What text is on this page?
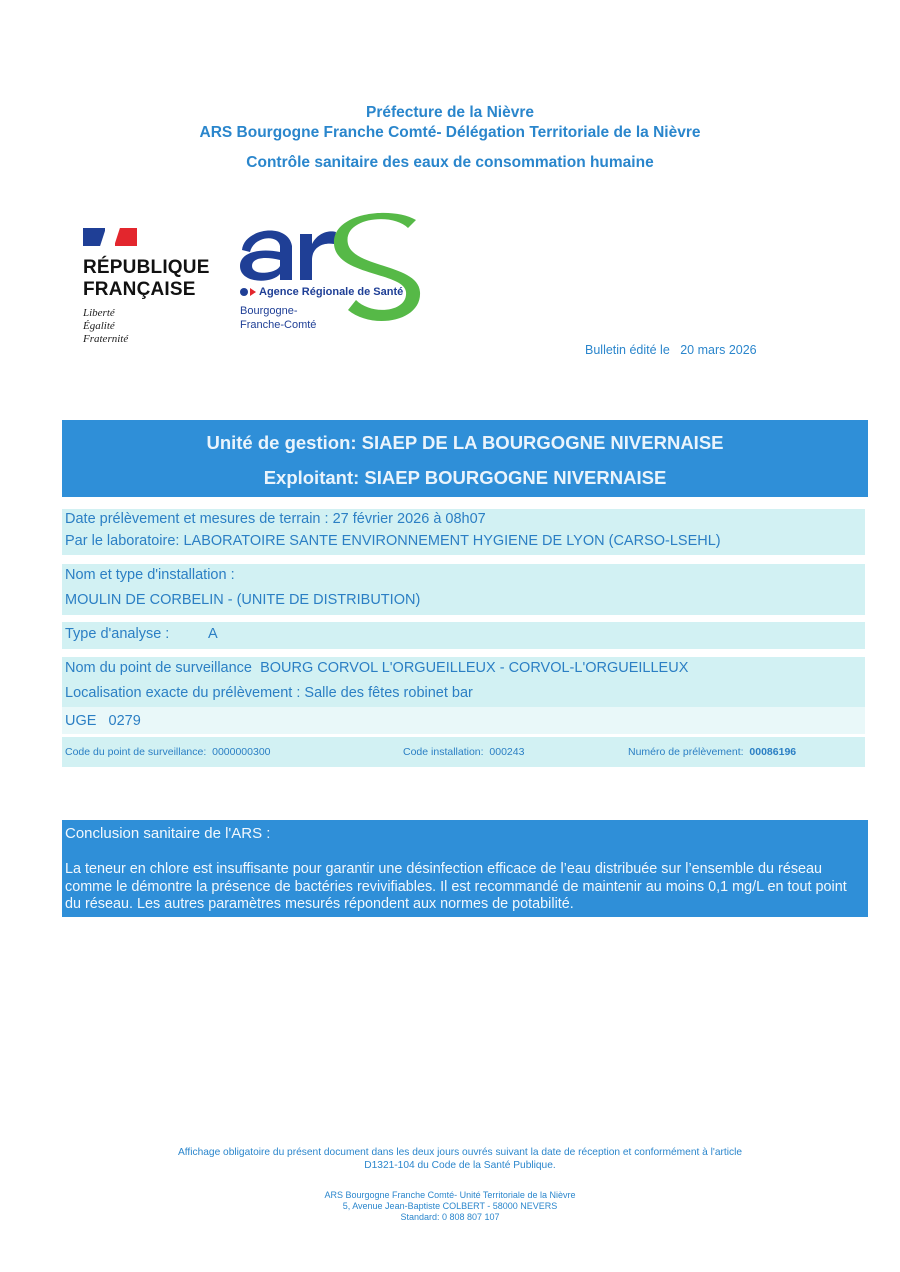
Préfecture de la Nièvre
ARS Bourgogne Franche Comté- Délégation Territoriale de la Nièvre
Contrôle sanitaire des eaux de consommation humaine
RÉPUBLIQUE
FRANÇAISE
Liberté
Égalité
Fraternité
Agence Régionale de Santé
Bourgogne-
Franche-Comté
Bulletin édité le 20 mars 2026
Unité de gestion: SIAEP DE LA BOURGOGNE NIVERNAISE
Exploitant: SIAEP BOURGOGNE NIVERNAISE
Date prélèvement et mesures de terrain : 27 février 2026 à 08h07
Par le laboratoire: LABORATOIRE SANTE ENVIRONNEMENT HYGIENE DE LYON (CARSO-LSEHL)
Nom et type d'installation :
MOULIN DE CORBELIN - (UNITE DE DISTRIBUTION)
Type d'analyse :	A
Nom du point de surveillance BOURG CORVOL L'ORGUEILLEUX - CORVOL-L'ORGUEILLEUX
Localisation exacte du prélèvement : Salle des fêtes robinet bar
UGE 0279
Code du point de surveillance: 0000000300	Code installation: 000243	Numéro de prélèvement: 00086196
Conclusion sanitaire de l'ARS :
La teneur en chlore est insuffisante pour garantir une désinfection efficace de l’eau distribuée sur l’ensemble du réseau comme le démontre la présence de bactéries revivifiables. Il est recommandé de maintenir au moins 0,1 mg/L en tout point du réseau. Les autres paramètres mesurés répondent aux normes de potabilité.
Affichage obligatoire du présent document dans les deux jours ouvrés suivant la date de réception et conformément à l'article
D1321-104 du Code de la Santé Publique.
ARS Bourgogne Franche Comté- Unité Territoriale de la Nièvre
5, Avenue Jean-Baptiste COLBERT - 58000 NEVERS
Standard: 0 808 807 107
